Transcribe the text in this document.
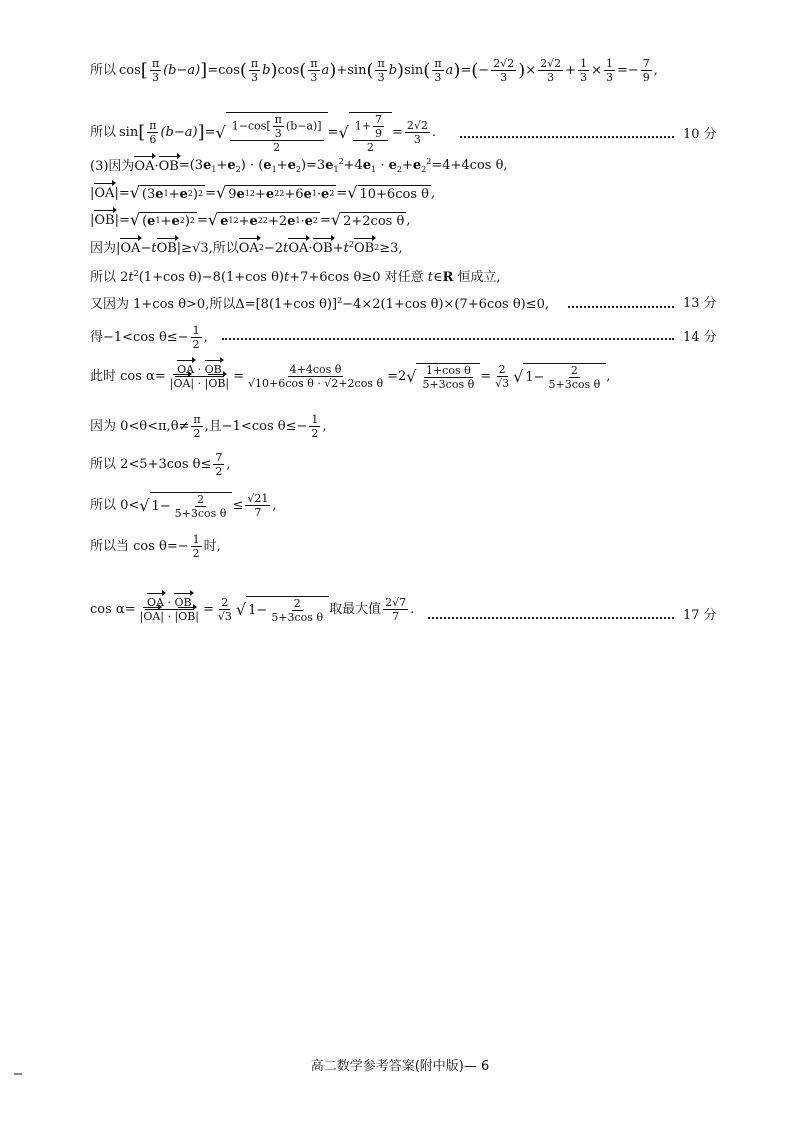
所以 cos [ $\frac{\pi}{3} (b-a)$ ] =cos ( $\frac{\pi}{3}$ b ) cos ( $\frac{\pi}{3}$ a ) +sin ( $\frac{\pi}{3}$ b ) sin ( $\frac{\pi}{3}$ a ) = ( − $\frac{2√2}{3}$ ) × $\frac{2√2}{3} + \frac{1}{3} \times \frac{1}{3} =- \frac{7}{9}$ ,
所以 sin [ $\frac{\pi}{6} (b-a)$ ] = √ $\frac{1-\cos[ \frac{\pi}{3} (b-a)]}{2}$ = √ $\frac{1+ \frac{7}{9}}{2} = \frac{2√2}{3}$ .	10 分
(3)因为 OA · OB $=(3e_1+e_2) \cdot (e_1+e_2)=3e_1^2+4e_1 \cdot e_2+e_2^2=4+4\cos$ θ,
| OA |= √ (3 e 1 + e 2 ) 2 = √ 9 e 1 2 + e 2 2 +6 e 1 · e 2 = √ 10+6cos θ ,
| OB |= √ ( e 1 + e 2 ) 2 = √ e 1 2 + e 2 2 +2 e 1 · e 2 = √ 2+2cos θ ,
因为| OA −t OB |≥√3,所以 OA 2 −2t OA · OB $+t^2$ OB 2 ≥3,
所以 $2t^2(1+\cos$ θ)−8(1+cos θ)t+7+6cos θ≥0 对任意 t∈R 恒成立,
又因为 1+cos θ>0,所以Δ=[8(1+cos θ)]$^2$−4×2(1+cos θ)×(7+6cos θ)≤0,	13 分
得−1<cos $\theta\le- \frac{1}{2}$ ,	14 分
此时 $\cos \alpha= \frac{OA \cdot OB}{|OA| \cdot |OB|} = \frac{\text{4+4cos θ}}{\text{√10+6cos θ · √2+2cos θ}} =2$ √ $\frac{\text{1+cos θ}}{\text{5+3cos θ}} = \frac{2}{√3}$ √ $1- \frac{2}{\text{5+3cos θ}}$ ,
因为 $0<\theta<\pi,\theta\ne \frac{\pi}{2}$ ,且−1<cos $\theta\le- \frac{1}{2}$ ,
所以 2<5+3cos $\theta\le \frac{7}{2}$ ,
所以 0< √ $1- \frac{2}{\text{5+3cos θ}} \le \frac{√21}{7}$ ,
所以当 $\cos \theta=- \frac{1}{2}$ 时,
$\cos \alpha= \frac{OA \cdot OB}{|OA| \cdot |OB|} = \frac{2}{√3}$ √ $1- \frac{2}{\text{5+3cos θ}}$ 取最大值 $\frac{2√7}{7}$ .	17 分
高二数学参考答案(附中版)— 6
